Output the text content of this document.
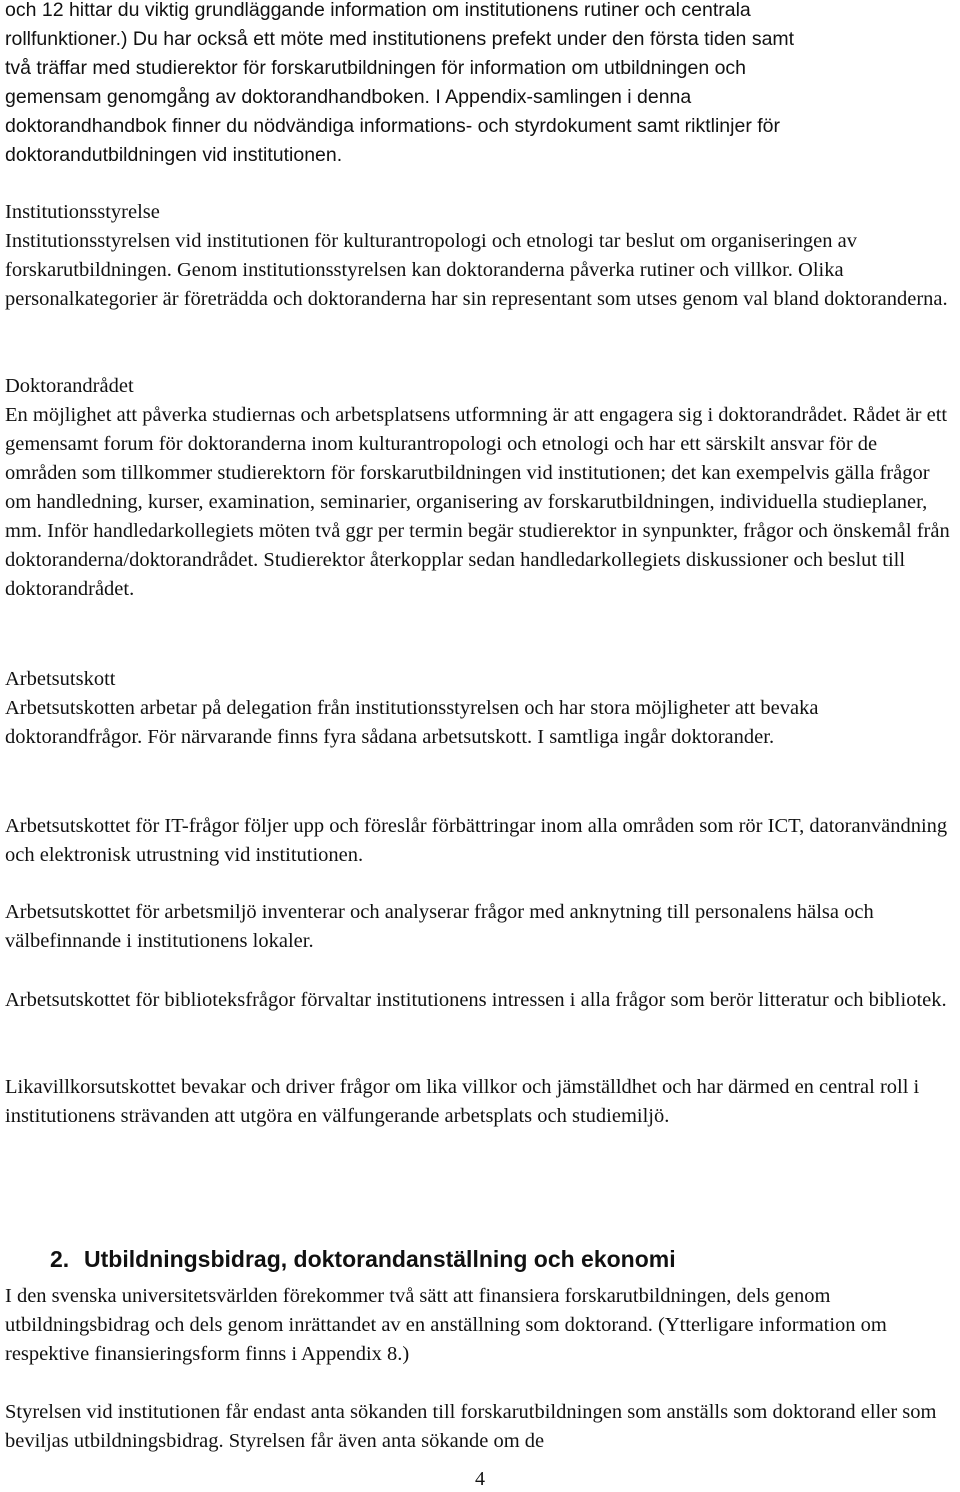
och 12 hittar du viktig grundläggande information om institutionens rutiner och centrala

rollfunktioner.) Du har också ett möte med institutionens prefekt under den första tiden samt

två träffar med studierektor för forskarutbildningen för information om utbildningen och

gemensam genomgång av doktorandhandboken. I Appendix-samlingen i denna

doktorandhandbok finner du nödvändiga informations- och styrdokument samt riktlinjer för

doktorandutbildningen vid institutionen.

Institutionsstyrelse

Institutionsstyrelsen vid institutionen för kulturantropologi och etnologi tar beslut om organiseringen av forskarutbildningen. Genom institutionsstyrelsen kan doktoranderna påverka rutiner och villkor. Olika personalkategorier är företrädda och doktoranderna har sin representant som utses genom val bland doktoranderna.

Doktorandrådet

En möjlighet att påverka studiernas och arbetsplatsens utformning är att engagera sig i doktorandrådet. Rådet är ett gemensamt forum för doktoranderna inom kulturantropologi och etnologi och har ett särskilt ansvar för de områden som tillkommer studierektorn för forskarutbildningen vid institutionen; det kan exempelvis gälla frågor om handledning, kurser, examination, seminarier, organisering av forskarutbildningen, individuella studieplaner, mm. Inför handledarkollegiets möten två ggr per termin begär studierektor in synpunkter, frågor och önskemål från doktoranderna/doktorandrådet. Studierektor återkopplar sedan handledarkollegiets diskussioner och beslut till doktorandrådet.

Arbetsutskott

Arbetsutskotten arbetar på delegation från institutionsstyrelsen och har stora möjligheter att bevaka doktorandfrågor. För närvarande finns fyra sådana arbetsutskott. I samtliga ingår doktorander.

Arbetsutskottet för IT-frågor följer upp och föreslår förbättringar inom alla områden som rör ICT, datoranvändning och elektronisk utrustning vid institutionen.

Arbetsutskottet för arbetsmiljö inventerar och analyserar frågor med anknytning till personalens hälsa och välbefinnande i institutionens lokaler.

Arbetsutskottet för biblioteksfrågor förvaltar institutionens intressen i alla frågor som berör litteratur och bibliotek.

Likavillkorsutskottet bevakar och driver frågor om lika villkor och jämställdhet och har därmed en central roll i institutionens strävanden att utgöra en välfungerande arbetsplats och studiemiljö.

2. Utbildningsbidrag, doktorandanställning och ekonomi

I den svenska universitetsvärlden förekommer två sätt att finansiera forskarutbildningen, dels genom utbildningsbidrag och dels genom inrättandet av en anställning som doktorand. (Ytterligare information om respektive finansieringsform finns i Appendix 8.)

Styrelsen vid institutionen får endast anta sökanden till forskarutbildningen som anställs som doktorand eller som beviljas utbildningsbidrag. Styrelsen får även anta sökande om de

4
